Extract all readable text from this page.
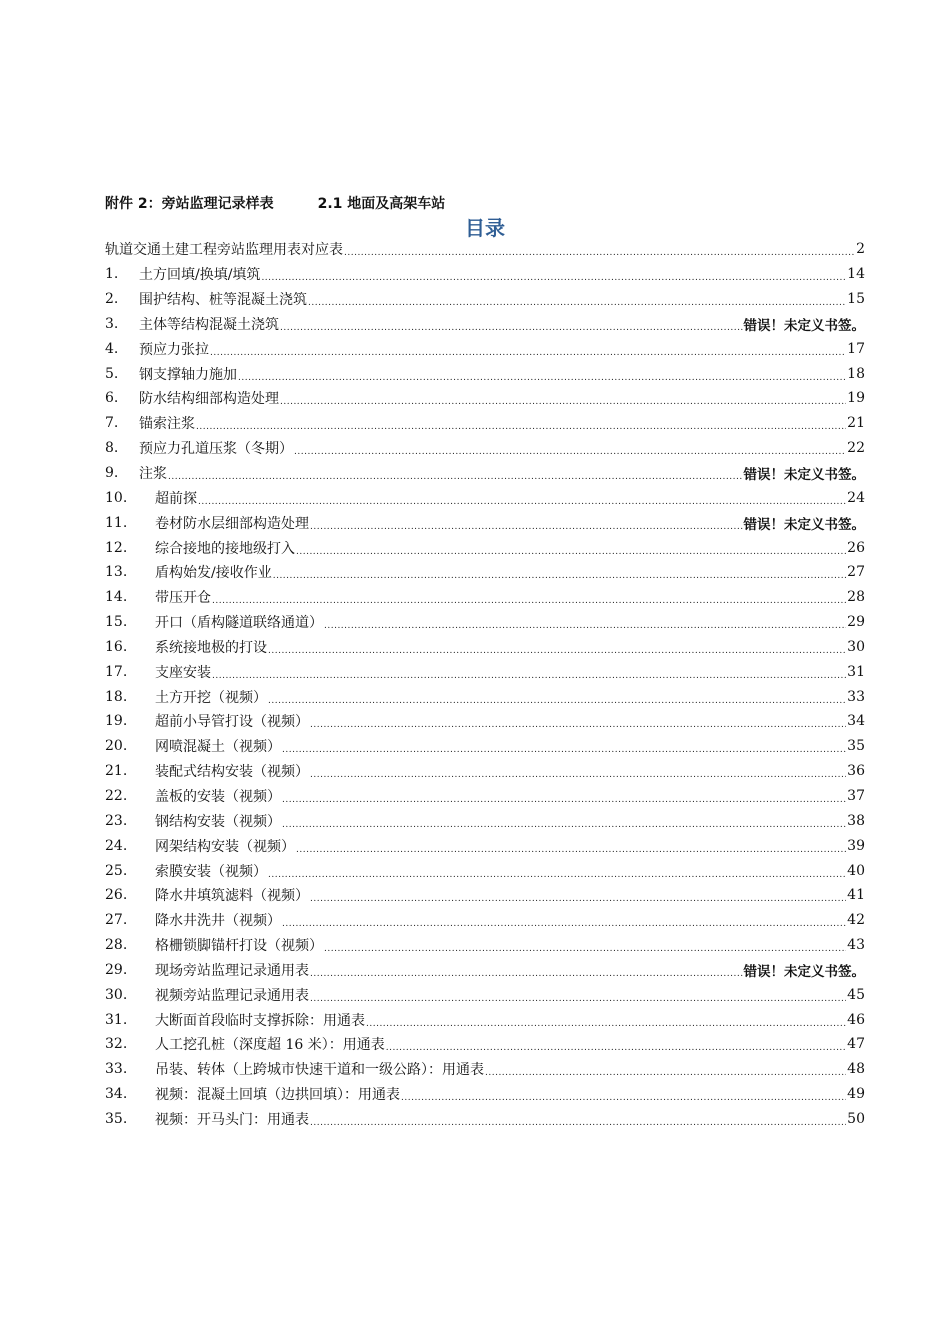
附件 2：旁站监理记录样表	2.1 地面及高架车站
目录
轨道交通土建工程旁站监理用表对应表 .....	2
1.	土方回填/换填/填筑 .....	14
2.	围护结构、桩等混凝土浇筑 .....	15
3.	主体等结构混凝土浇筑 .....	错误！未定义书签。
4.	预应力张拉 .....	17
5.	钢支撑轴力施加 .....	18
6.	防水结构细部构造处理 .....	19
7.	锚索注浆 .....	21
8.	预应力孔道压浆（冬期） .....	22
9.	注浆 .....	错误！未定义书签。
10.	超前探 .....	24
11.	卷材防水层细部构造处理 .....	错误！未定义书签。
12.	综合接地的接地级打入 .....	26
13.	盾构始发/接收作业 .....	27
14.	带压开仓 .....	28
15.	开口（盾构隧道联络通道） .....	29
16.	系统接地极的打设 .....	30
17.	支座安装 .....	31
18.	土方开挖（视频） .....	33
19.	超前小导管打设（视频） .....	34
20.	网喷混凝土（视频） .....	35
21.	装配式结构安装（视频） .....	36
22.	盖板的安装（视频） .....	37
23.	钢结构安装（视频） .....	38
24.	网架结构安装（视频） .....	39
25.	索膜安装（视频） .....	40
26.	降水井填筑滤料（视频） .....	41
27.	降水井洗井（视频） .....	42
28.	格栅锁脚锚杆打设（视频） .....	43
29.	现场旁站监理记录通用表 .....	错误！未定义书签。
30.	视频旁站监理记录通用表 .....	45
31.	大断面首段临时支撑拆除：用通表 .....	46
32.	人工挖孔桩（深度超 16 米）：用通表 .....	47
33.	吊装、转体（上跨城市快速干道和一级公路）：用通表 .....	48
34.	视频：混凝土回填（边拱回填）：用通表 .....	49
35.	视频：开马头门：用通表 .....	50
